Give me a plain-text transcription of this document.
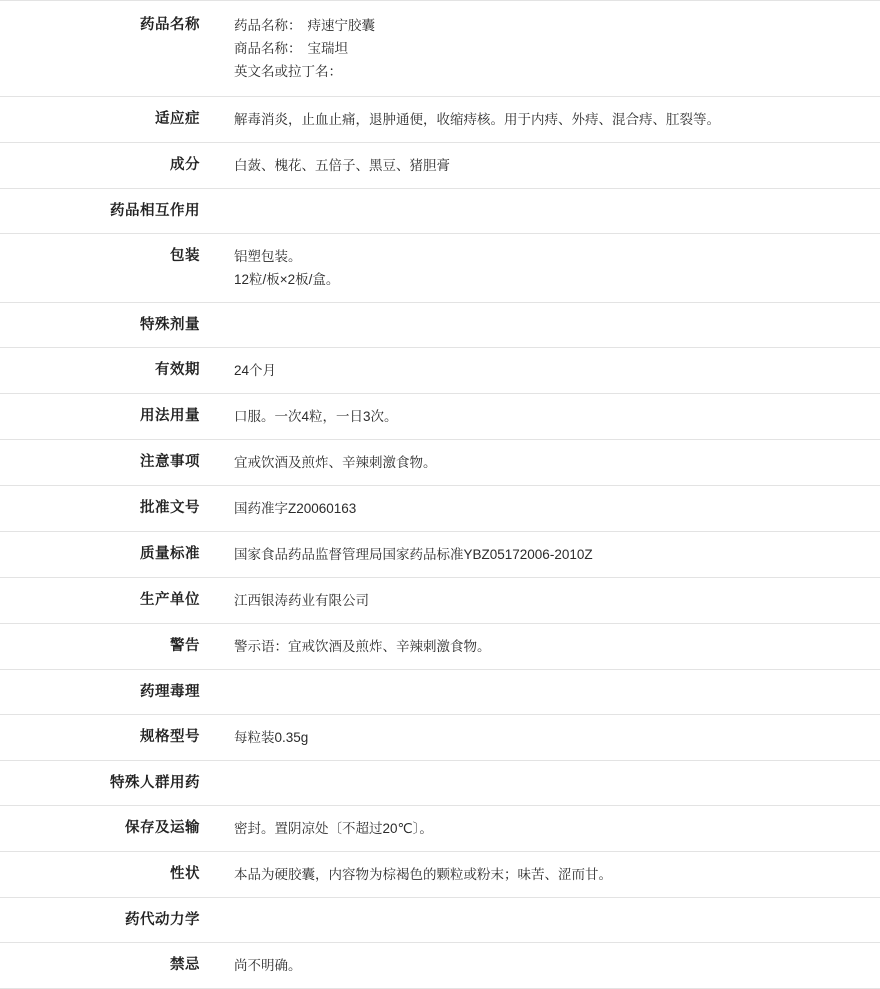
药品名称	药品名称： 痔速宁胶囊
商品名称： 宝瑞坦
英文名或拉丁名：

适应症	解毒消炎，止血止痛，退肿通便，收缩痔核。用于内痔、外痔、混合痔、肛裂等。

成分	白蔹、槐花、五倍子、黑豆、猪胆膏

药品相互作用	

包装	铝塑包装。
12粒/板×2板/盒。

特殊剂量	

有效期	24个月

用法用量	口服。一次4粒，一日3次。

注意事项	宜戒饮酒及煎炸、辛辣刺激食物。

批准文号	国药准字Z20060163

质量标准	国家食品药品监督管理局国家药品标准YBZ05172006-2010Z

生产单位	江西银涛药业有限公司

警告	警示语：宜戒饮酒及煎炸、辛辣刺激食物。

药理毒理	

规格型号	每粒装0.35g

特殊人群用药	

保存及运输	密封。置阴凉处〔不超过20℃〕。

性状	本品为硬胶囊，内容物为棕褐色的颗粒或粉末；味苦、涩而甘。

药代动力学	

禁忌	尚不明确。
